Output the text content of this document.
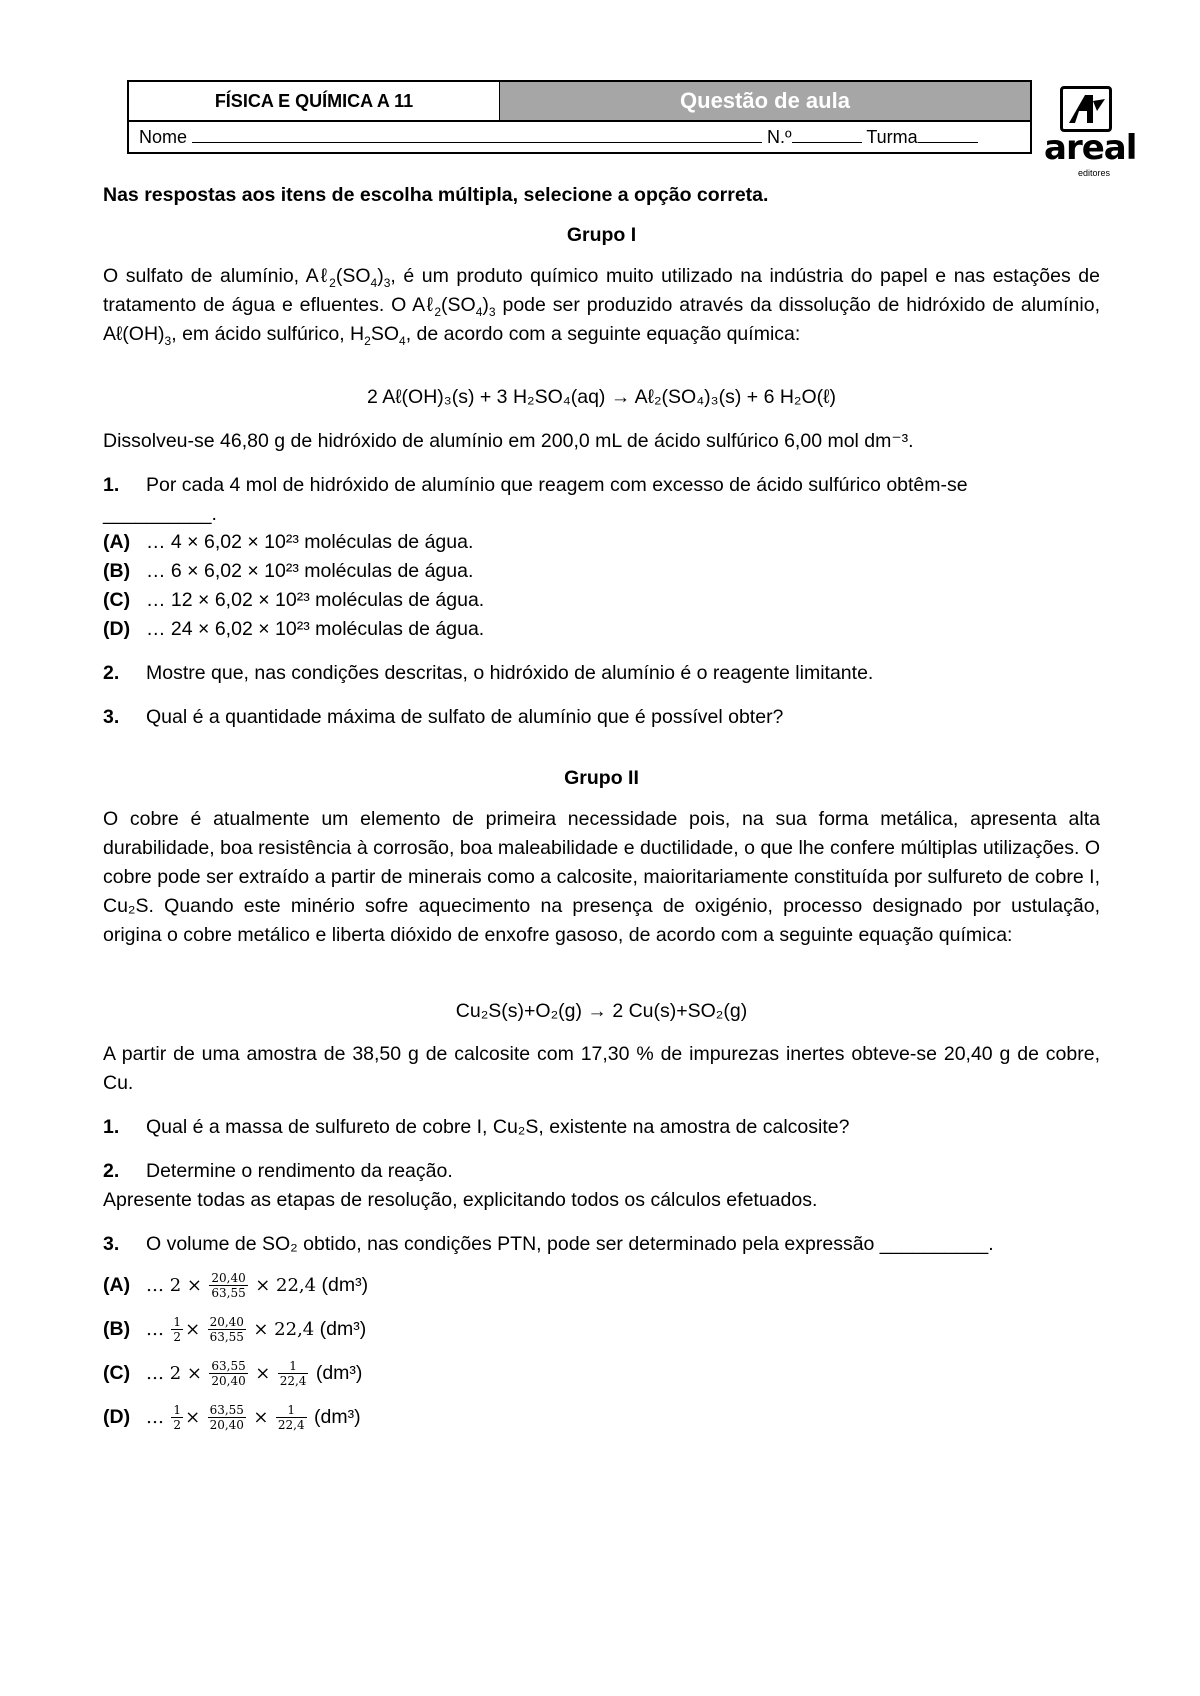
FÍSICA E QUÍMICA A 11	Questão de aula
Nome	N.º	Turma	areal
editores
Nas respostas aos itens de escolha múltipla, selecione a opção correta.
Grupo I
O sulfato de alumínio, $A\ell_2(SO_4)_3$, é um produto químico muito utilizado na indústria do papel e nas estações de tratamento de água e efluentes. O $A\ell_2(SO_4)_3$ pode ser produzido através da dissolução de hidróxido de alumínio, $A\ell(OH)_3$, em ácido sulfúrico, $H_2SO_4$, de acordo com a seguinte equação química:
2 Aℓ(OH)₃(s) + 3 H₂SO₄(aq) → Aℓ₂(SO₄)₃(s) + 6 H₂O(ℓ)
Dissolveu-se 46,80 g de hidróxido de alumínio em 200,0 mL de ácido sulfúrico 6,00 mol dm⁻³.
1. Por cada 4 mol de hidróxido de alumínio que reagem com excesso de ácido sulfúrico obtêm-se
__________.
(A) … 4 × 6,02 × 10²³ moléculas de água.
(B) … 6 × 6,02 × 10²³ moléculas de água.
(C) … 12 × 6,02 × 10²³ moléculas de água.
(D) … 24 × 6,02 × 10²³ moléculas de água.
2. Mostre que, nas condições descritas, o hidróxido de alumínio é o reagente limitante.
3. Qual é a quantidade máxima de sulfato de alumínio que é possível obter?
Grupo II
O cobre é atualmente um elemento de primeira necessidade pois, na sua forma metálica, apresenta alta durabilidade, boa resistência à corrosão, boa maleabilidade e ductilidade, o que lhe confere múltiplas utilizações. O cobre pode ser extraído a partir de minerais como a calcosite, maioritariamente constituída por sulfureto de cobre I, Cu₂S. Quando este minério sofre aquecimento na presença de oxigénio, processo designado por ustulação, origina o cobre metálico e liberta dióxido de enxofre gasoso, de acordo com a seguinte equação química:
Cu₂S(s)+O₂(g) → 2 Cu(s)+SO₂(g)
A partir de uma amostra de 38,50 g de calcosite com 17,30 % de impurezas inertes obteve-se 20,40 g de cobre, Cu.
1. Qual é a massa de sulfureto de cobre I, Cu₂S, existente na amostra de calcosite?
2. Determine o rendimento da reação.
Apresente todas as etapas de resolução, explicitando todos os cálculos efetuados.
3. O volume de SO₂ obtido, nas condições PTN, pode ser determinado pela expressão __________.
(A) … $2 \times \frac{20,40}{63,55} \times 22,4$ (dm³)
(B) … $\frac{1}{2} \times \frac{20,40}{63,55} \times 22,4$ (dm³)
(C) … $2 \times \frac{63,55}{20,40} \times \frac{1}{22,4} (dm^3)$
(D) … $\frac{1}{2} \times \frac{63,55}{20,40} \times \frac{1}{22,4} (dm^3)$
